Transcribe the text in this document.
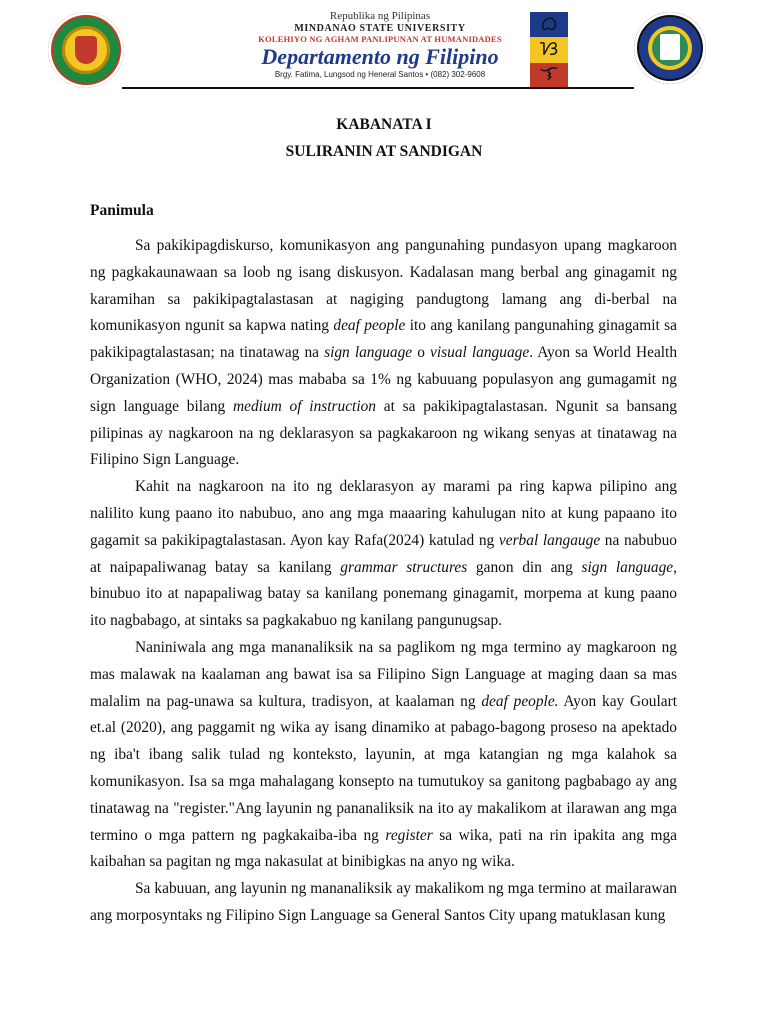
Republika ng Pilipinas
MINDANAO STATE UNIVERSITY
KOLEHIYO NG AGHAM PANLIPUNAN AT HUMANIDADES
Departamento ng Filipino
Brgy. Fatima, Lungsod ng Heneral Santos • (082) 302-9608
ᜊ
ᜐ
ᜎ
KABANATA I
SULIRANIN AT SANDIGAN
Panimula

Sa pakikipagdiskurso, komunikasyon ang pangunahing pundasyon upang magkaroon ng pagkakaunawaan sa loob ng isang diskusyon. Kadalasan mang berbal ang ginagamit ng karamihan sa pakikipagtalastasan at nagiging pandugtong lamang ang di-berbal na komunikasyon ngunit sa kapwa nating deaf people ito ang kanilang pangunahing ginagamit sa pakikipagtalastasan; na tinatawag na sign language o visual language. Ayon sa World Health Organization (WHO, 2024) mas mababa sa 1% ng kabuuang populasyon ang gumagamit ng sign language bilang medium of instruction at sa pakikipagtalastasan. Ngunit sa bansang pilipinas ay nagkaroon na ng deklarasyon sa pagkakaroon ng wikang senyas at tinatawag na Filipino Sign Language.

Kahit na nagkaroon na ito ng deklarasyon ay marami pa ring kapwa pilipino ang nalilito kung paano ito nabubuo, ano ang mga maaaring kahulugan nito at kung papaano ito gagamit sa pakikipagtalastasan. Ayon kay Rafa(2024) katulad ng verbal langauge na nabubuo at naipapaliwanag batay sa kanilang grammar structures ganon din ang sign language, binubuo ito at napapaliwag batay sa kanilang ponemang ginagamit, morpema at kung paano ito nagbabago, at sintaks sa pagkakabuo ng kanilang pangunugsap.

Naniniwala ang mga mananaliksik na sa paglikom ng mga termino ay magkaroon ng mas malawak na kaalaman ang bawat isa sa Filipino Sign Language at maging daan sa mas malalim na pag-unawa sa kultura, tradisyon, at kaalaman ng deaf people. Ayon kay Goulart et.al (2020), ang paggamit ng wika ay isang dinamiko at pabago-bagong proseso na apektado ng iba't ibang salik tulad ng konteksto, layunin, at mga katangian ng mga kalahok sa komunikasyon. Isa sa mga mahalagang konsepto na tumutukoy sa ganitong pagbabago ay ang tinatawag na "register."Ang layunin ng pananaliksik na ito ay makalikom at ilarawan ang mga termino o mga pattern ng pagkakaiba-iba ng register sa wika, pati na rin ipakita ang mga kaibahan sa pagitan ng mga nakasulat at binibigkas na anyo ng wika.

Sa kabuuan, ang layunin ng mananaliksik ay makalikom ng mga termino at mailarawan ang morposyntaks ng Filipino Sign Language sa General Santos City upang matuklasan kung
